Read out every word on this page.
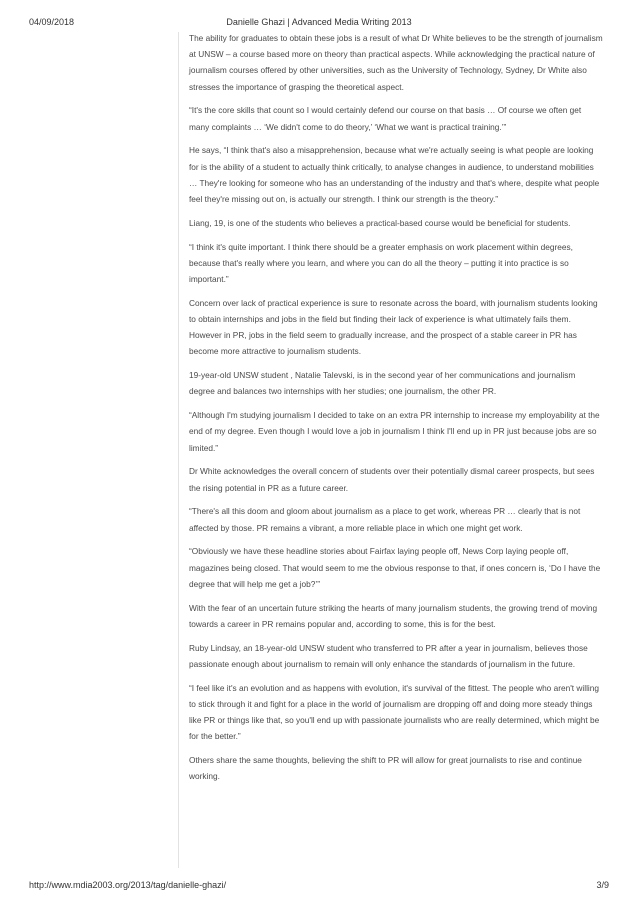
04/09/2018	Danielle Ghazi | Advanced Media Writing 2013

The ability for graduates to obtain these jobs is a result of what Dr White believes to be the strength of journalism at UNSW – a course based more on theory than practical aspects. While acknowledging the practical nature of journalism courses offered by other universities, such as the University of Technology, Sydney, Dr White also stresses the importance of grasping the theoretical aspect.

“It's the core skills that count so I would certainly defend our course on that basis … Of course we often get many complaints … ‘We didn't come to do theory,’ ‘What we want is practical training.’”

He says, “I think that's also a misapprehension, because what we're actually seeing is what people are looking for is the ability of a student to actually think critically, to analyse changes in audience, to understand mobilities … They're looking for someone who has an understanding of the industry and that's where, despite what people feel they're missing out on, is actually our strength. I think our strength is the theory.”

Liang, 19, is one of the students who believes a practical-based course would be beneficial for students.

“I think it's quite important. I think there should be a greater emphasis on work placement within degrees, because that's really where you learn, and where you can do all the theory – putting it into practice is so important.”

Concern over lack of practical experience is sure to resonate across the board, with journalism students looking to obtain internships and jobs in the field but finding their lack of experience is what ultimately fails them. However in PR, jobs in the field seem to gradually increase, and the prospect of a stable career in PR has become more attractive to journalism students.

19-year-old UNSW student , Natalie Talevski, is in the second year of her communications and journalism degree and balances two internships with her studies; one journalism, the other PR.

“Although I'm studying journalism I decided to take on an extra PR internship to increase my employability at the end of my degree. Even though I would love a job in journalism I think I'll end up in PR just because jobs are so limited.”

Dr White acknowledges the overall concern of students over their potentially dismal career prospects, but sees the rising potential in PR as a future career.

“There's all this doom and gloom about journalism as a place to get work, whereas PR … clearly that is not affected by those. PR remains a vibrant, a more reliable place in which one might get work.

“Obviously we have these headline stories about Fairfax laying people off, News Corp laying people off, magazines being closed. That would seem to me the obvious response to that, if ones concern is, ‘Do I have the degree that will help me get a job?’”

With the fear of an uncertain future striking the hearts of many journalism students, the growing trend of moving towards a career in PR remains popular and, according to some, this is for the best.

Ruby Lindsay, an 18-year-old UNSW student who transferred to PR after a year in journalism, believes those passionate enough about journalism to remain will only enhance the standards of journalism in the future.

“I feel like it's an evolution and as happens with evolution, it's survival of the fittest. The people who aren't willing to stick through it and fight for a place in the world of journalism are dropping off and doing more steady things like PR or things like that, so you'll end up with passionate journalists who are really determined, which might be for the better.”

Others share the same thoughts, believing the shift to PR will allow for great journalists to rise and continue working.

http://www.mdia2003.org/2013/tag/danielle-ghazi/	3/9
